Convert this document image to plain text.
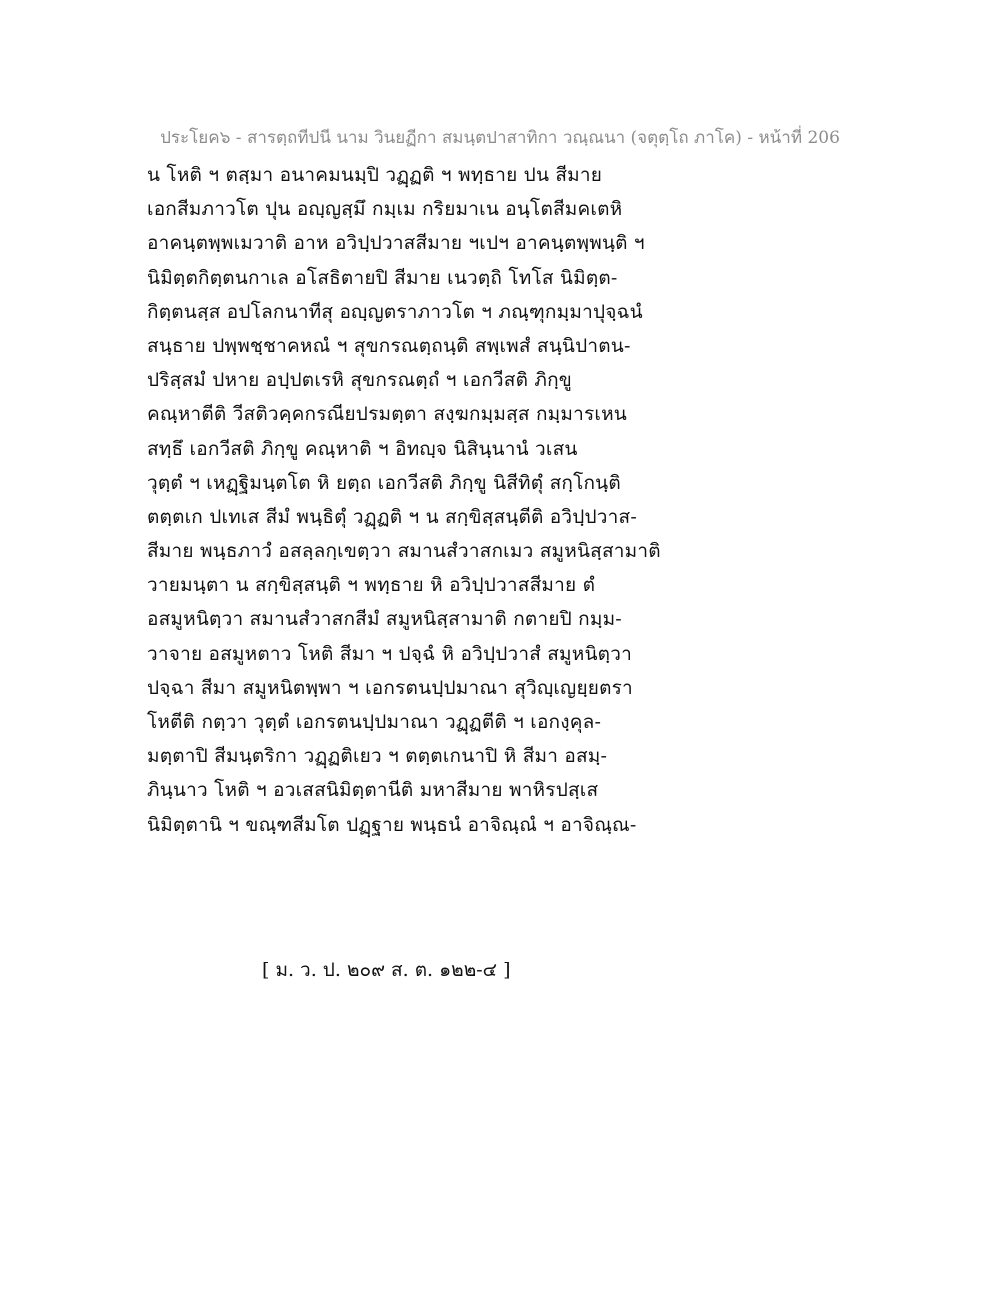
ประโยค๖ - สารตฺถทีปนี นาม วินยฏีกา สมนฺตปาสาทิกา วณฺณนา (จตุตฺโถ ภาโค) - หน้าที่ 206
น โหติ ฯ ตสฺมา อนาคมนมฺปิ วฏฺฏติ ฯ พทฺธาย ปน สีมาย
เอกสีมภาวโต ปุน อญฺญสฺมึ กมฺเม กริยมาเน อนฺโตสีมคเตหิ
อาคนฺตพฺพเมวาติ อาห อวิปฺปวาสสีมาย ฯเปฯ อาคนฺตพฺพนฺติ ฯ
นิมิตฺตกิตฺตนกาเล อโสธิตายปิ สีมาย เนวตฺถิ โทโส นิมิตฺต-
กิตฺตนสฺส อปโลกนาทีสุ อญฺญตราภาวโต ฯ ภณฺฑุกมฺมาปุจฺฉนํ
สนฺธาย ปพฺพชฺชาคหณํ ฯ สุขกรณตฺถนฺติ สพฺเพสํ สนฺนิปาตน-
ปริสฺสมํ ปหาย อปฺปตเรหิ สุขกรณตฺถํ ฯ เอกวีสติ ภิกฺขู
คณฺหาตีติ วีสติวคฺคกรณียปรมตฺตา สงฺฆกมฺมสฺส กมฺมารเหน
สทฺธึ เอกวีสติ ภิกฺขู คณฺหาติ ฯ อิทญฺจ นิสินฺนานํ วเสน
วุตฺตํ ฯ เหฏฺฐิมนฺตโต หิ ยตฺถ เอกวีสติ ภิกฺขู นิสีทิตุํ สกฺโกนฺติ
ตตฺตเก ปเทเส สีมํ พนฺธิตุํ วฏฺฏติ ฯ น สกฺขิสฺสนฺตีติ อวิปฺปวาส-
สีมาย พนฺธภาวํ อสลฺลกฺเขตฺวา สมานสํวาสกเมว สมูหนิสฺสามาติ
วายมนฺตา น สกฺขิสฺสนฺติ ฯ พทฺธาย หิ อวิปฺปวาสสีมาย ตํ
อสมูหนิตฺวา สมานสํวาสกสีมํ สมูหนิสฺสามาติ กตายปิ กมฺม-
วาจาย อสมูหตาว โหติ สีมา ฯ ปจฺฉํ หิ อวิปฺปวาสํ สมูหนิตฺวา
ปจฺฉา สีมา สมูหนิตพฺพา ฯ เอกรตนปฺปมาณา สุวิญฺเญยฺยตรา
โหตีติ กตฺวา วุตฺตํ เอกรตนปฺปมาณา วฏฺฏตีติ ฯ เอกงฺคุล-
มตฺตาปิ สีมนฺตริกา วฏฺฏติเยว ฯ ตตฺตเกนาปิ หิ สีมา อสมฺ-
ภินฺนาว โหติ ฯ อวเสสนิมิตฺตานีติ มหาสีมาย พาหิรปสฺเส
นิมิตฺตานิ ฯ ขณฺฑสีมโต ปฏฺฐาย พนฺธนํ อาจิณฺณํ ฯ อาจิณฺณ-
[ ม. ว. ป. ๒๐๙ ส. ต. ๑๒๒-๔ ]
